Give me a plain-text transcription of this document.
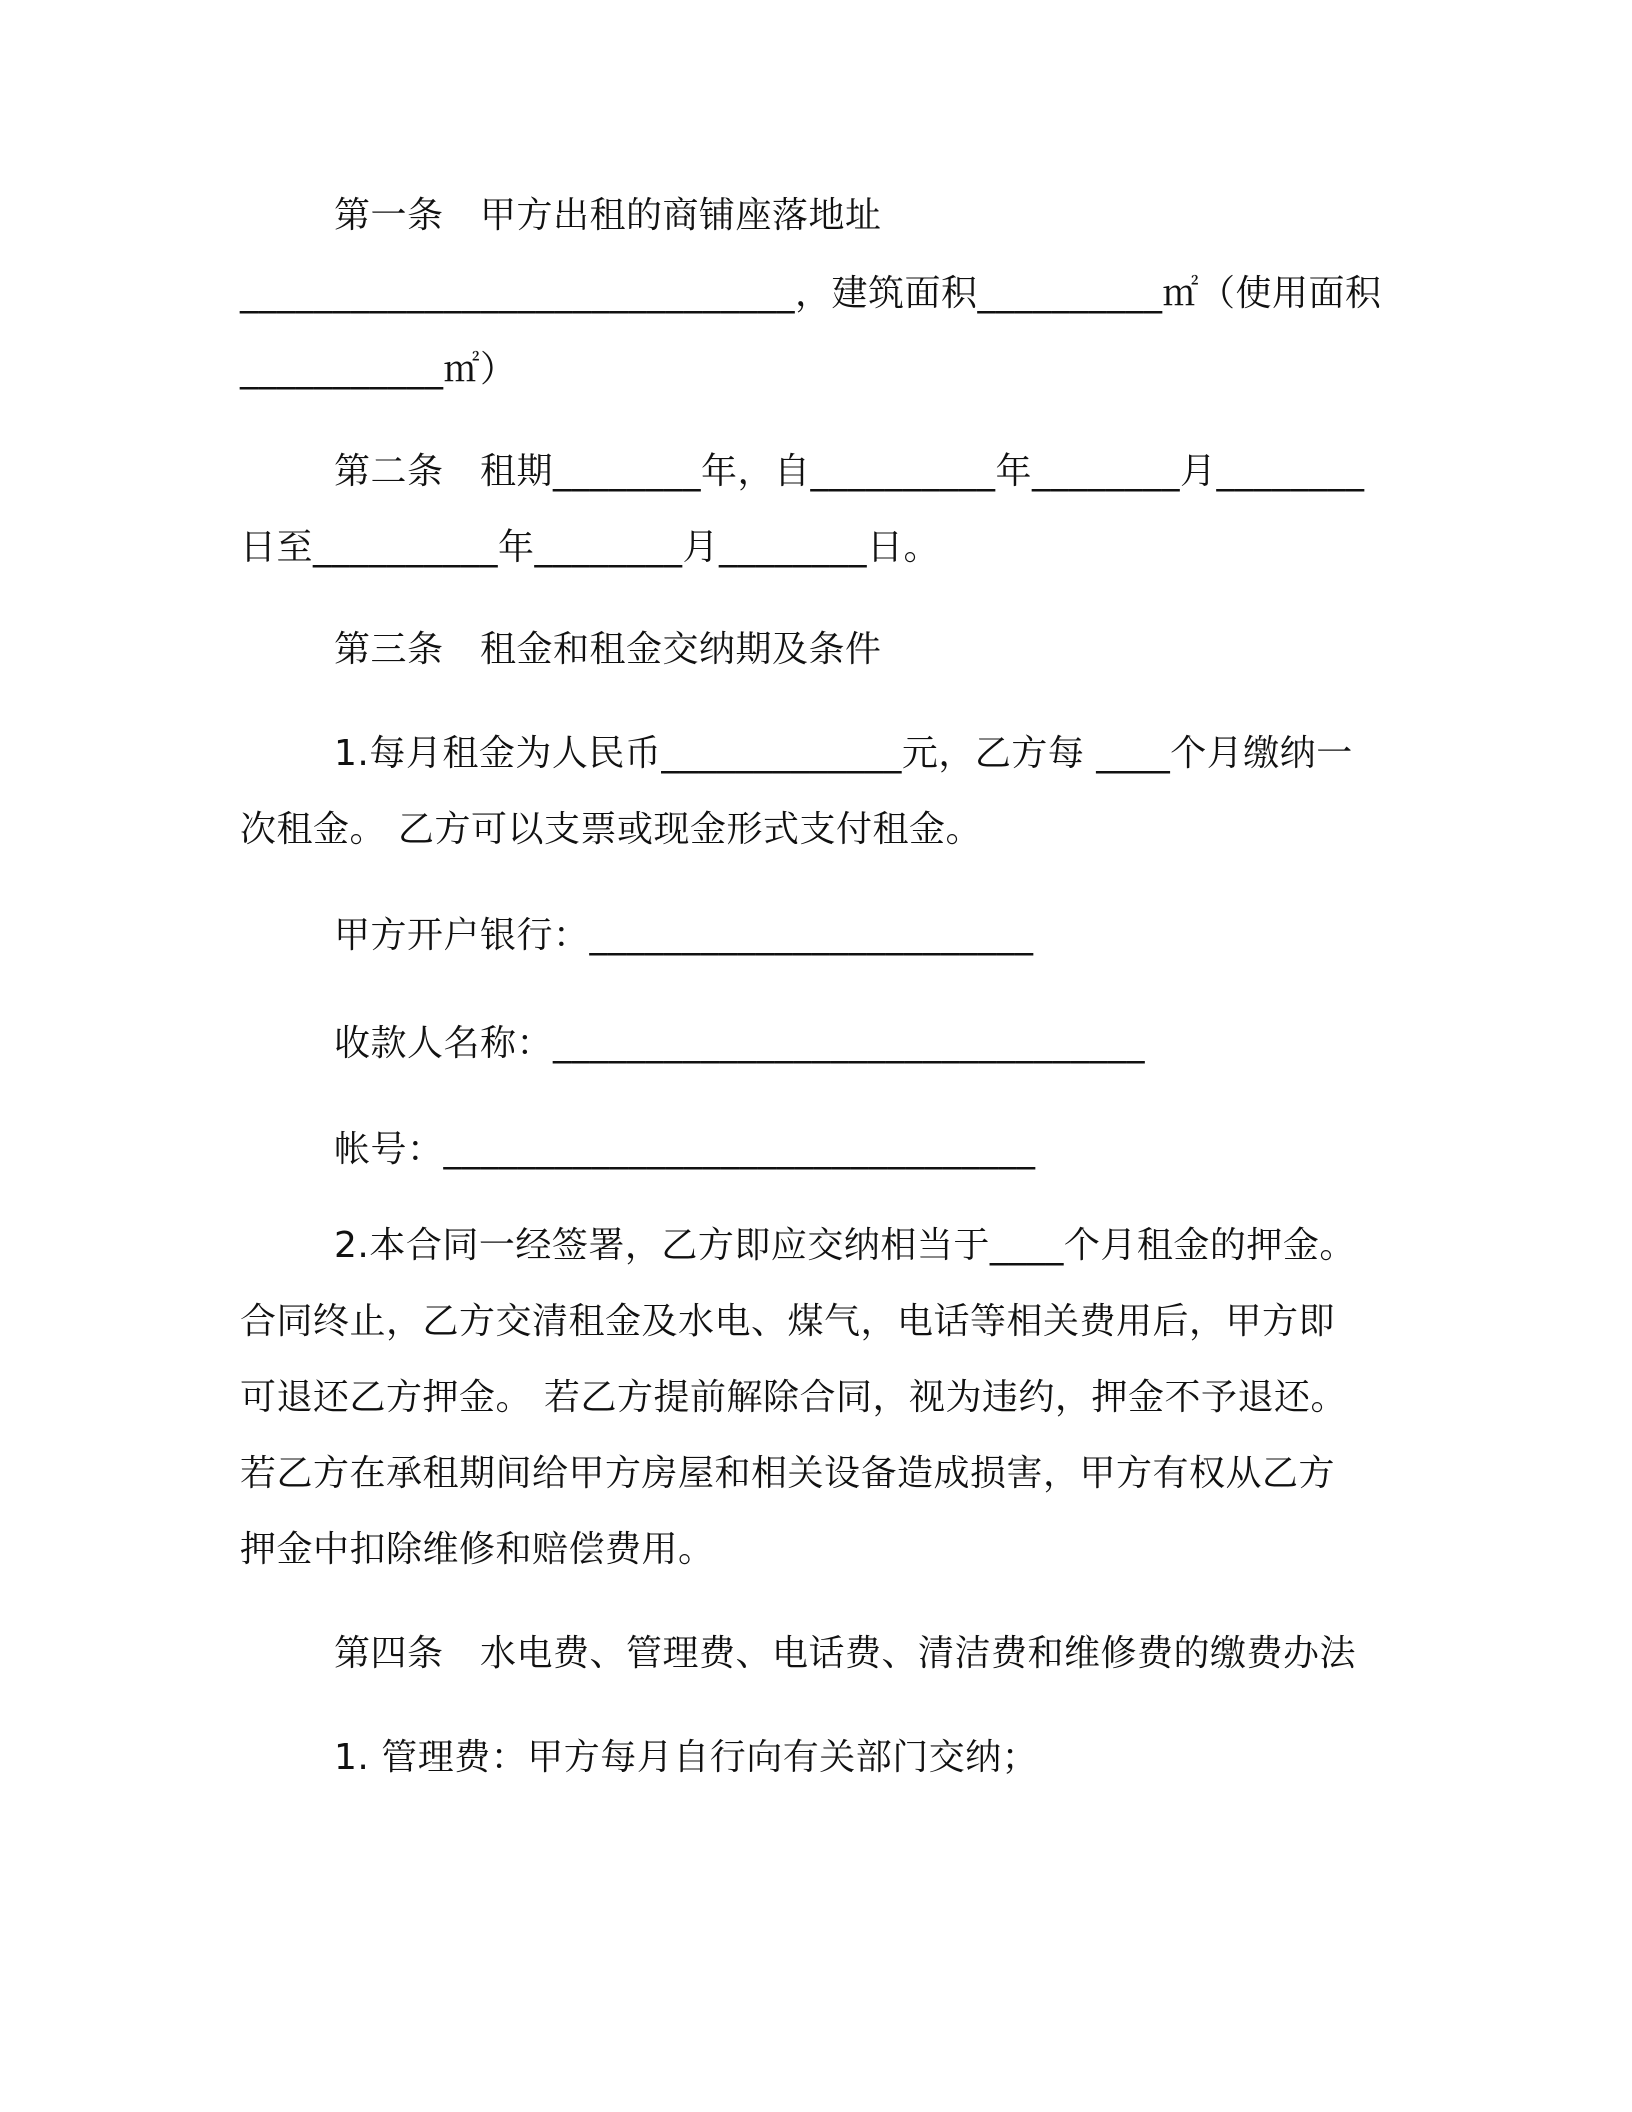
第一条　甲方出租的商铺座落地址
______________________________，建筑面积__________㎡（使用面积
___________㎡）
第二条　租期________年，自__________年________月________
日至__________年________月________日。
第三条　租金和租金交纳期及条件
1.每月租金为人民币_____________元，乙方每 ____个月缴纳一
次租金。 乙方可以支票或现金形式支付租金。
甲方开户银行：________________________
收款人名称：________________________________
帐号：________________________________
2.本合同一经签署，乙方即应交纳相当于____个月租金的押金。
合同终止，乙方交清租金及水电、煤气，电话等相关费用后，甲方即
可退还乙方押金。 若乙方提前解除合同，视为违约，押金不予退还。
若乙方在承租期间给甲方房屋和相关设备造成损害，甲方有权从乙方
押金中扣除维修和赔偿费用。
第四条　水电费、管理费、电话费、清洁费和维修费的缴费办法
1. 管理费：甲方每月自行向有关部门交纳；
